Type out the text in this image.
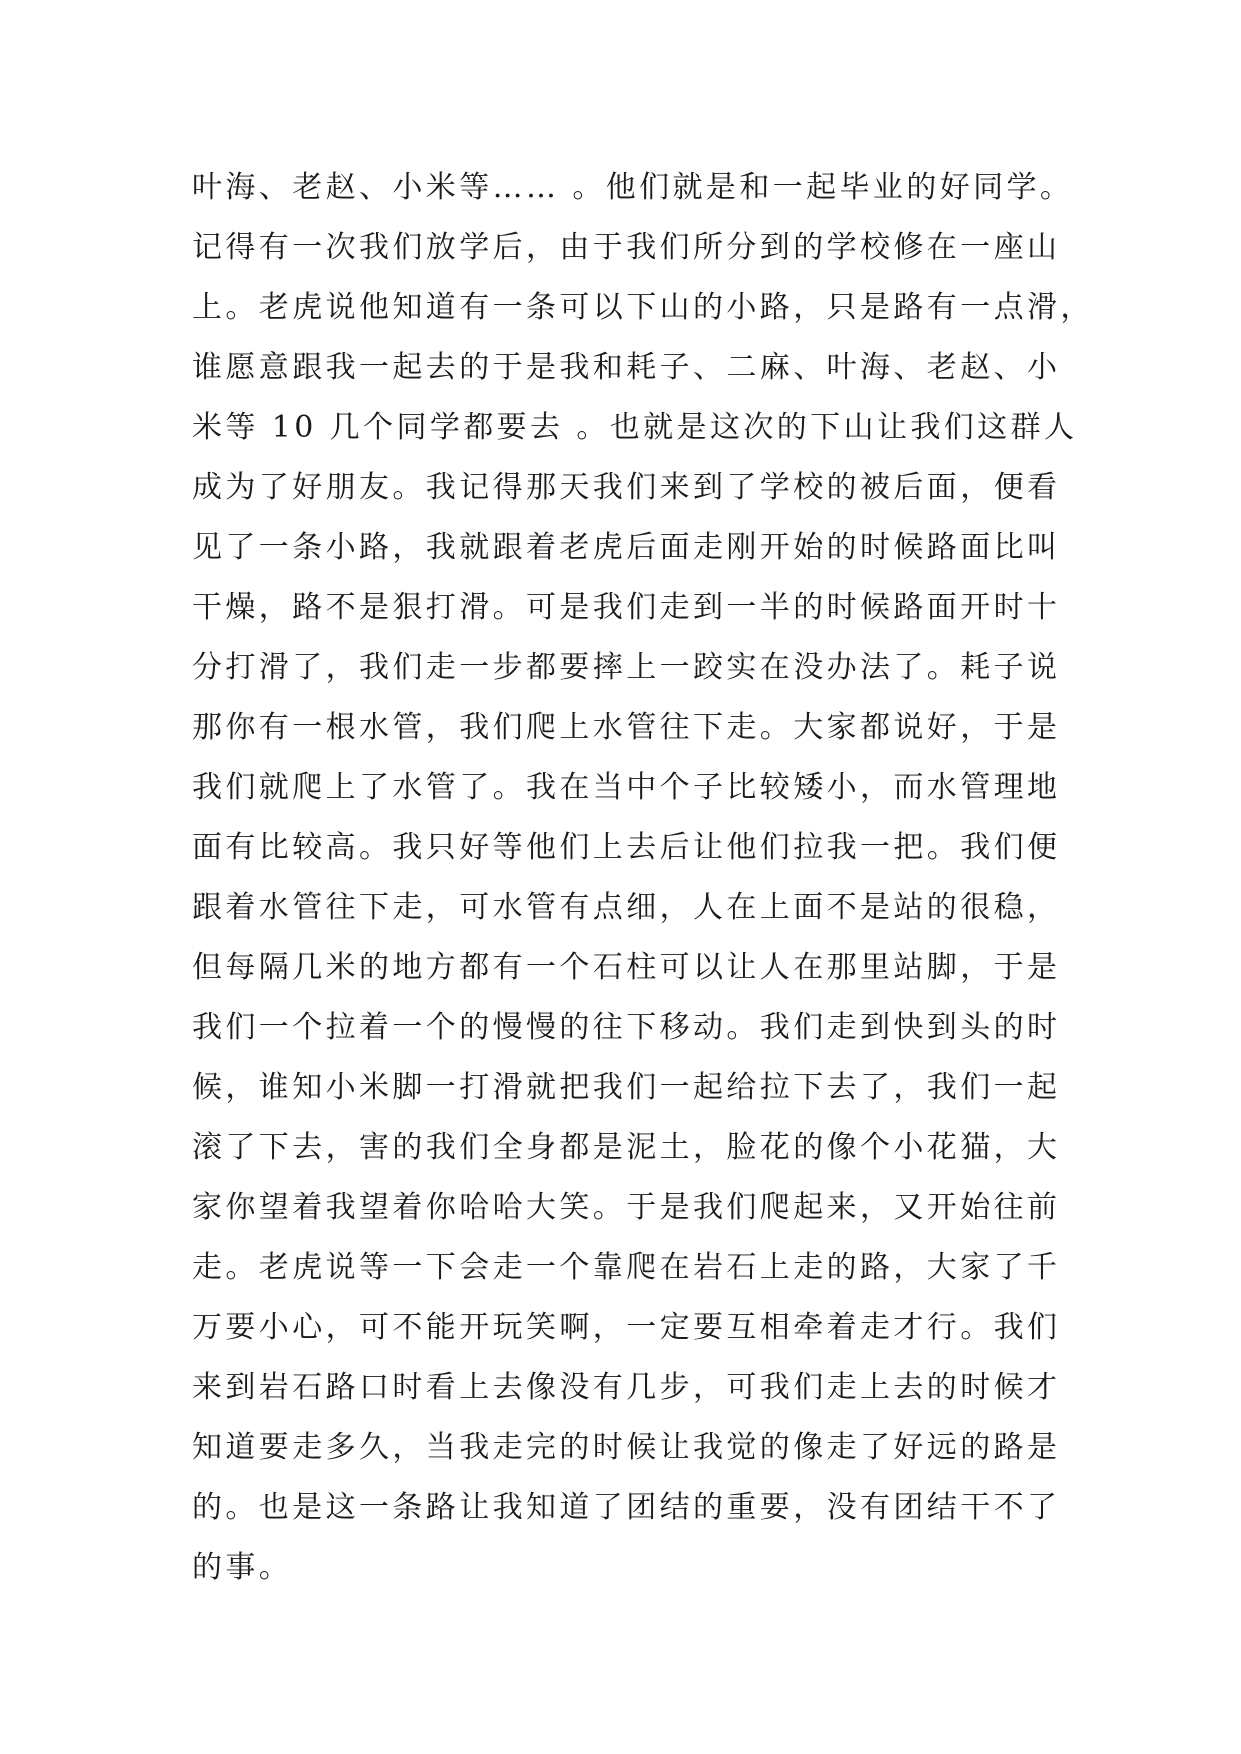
叶海、老赵、小米等…… 。他们就是和一起毕业的好同学。
记得有一次我们放学后，由于我们所分到的学校修在一座山
上。老虎说他知道有一条可以下山的小路，只是路有一点滑，
谁愿意跟我一起去的于是我和耗子、二麻、叶海、老赵、小
米等 10 几个同学都要去 。也就是这次的下山让我们这群人
成为了好朋友。我记得那天我们来到了学校的被后面，便看
见了一条小路，我就跟着老虎后面走刚开始的时候路面比叫
干燥，路不是狠打滑。可是我们走到一半的时候路面开时十
分打滑了，我们走一步都要摔上一跤实在没办法了。耗子说
那你有一根水管，我们爬上水管往下走。大家都说好，于是
我们就爬上了水管了。我在当中个子比较矮小，而水管理地
面有比较高。我只好等他们上去后让他们拉我一把。我们便
跟着水管往下走，可水管有点细，人在上面不是站的很稳，
但每隔几米的地方都有一个石柱可以让人在那里站脚，于是
我们一个拉着一个的慢慢的往下移动。我们走到快到头的时
候，谁知小米脚一打滑就把我们一起给拉下去了，我们一起
滚了下去，害的我们全身都是泥土，脸花的像个小花猫，大
家你望着我望着你哈哈大笑。于是我们爬起来，又开始往前
走。老虎说等一下会走一个靠爬在岩石上走的路，大家了千
万要小心，可不能开玩笑啊，一定要互相牵着走才行。我们
来到岩石路口时看上去像没有几步，可我们走上去的时候才
知道要走多久，当我走完的时候让我觉的像走了好远的路是
的。也是这一条路让我知道了团结的重要，没有团结干不了
的事。
